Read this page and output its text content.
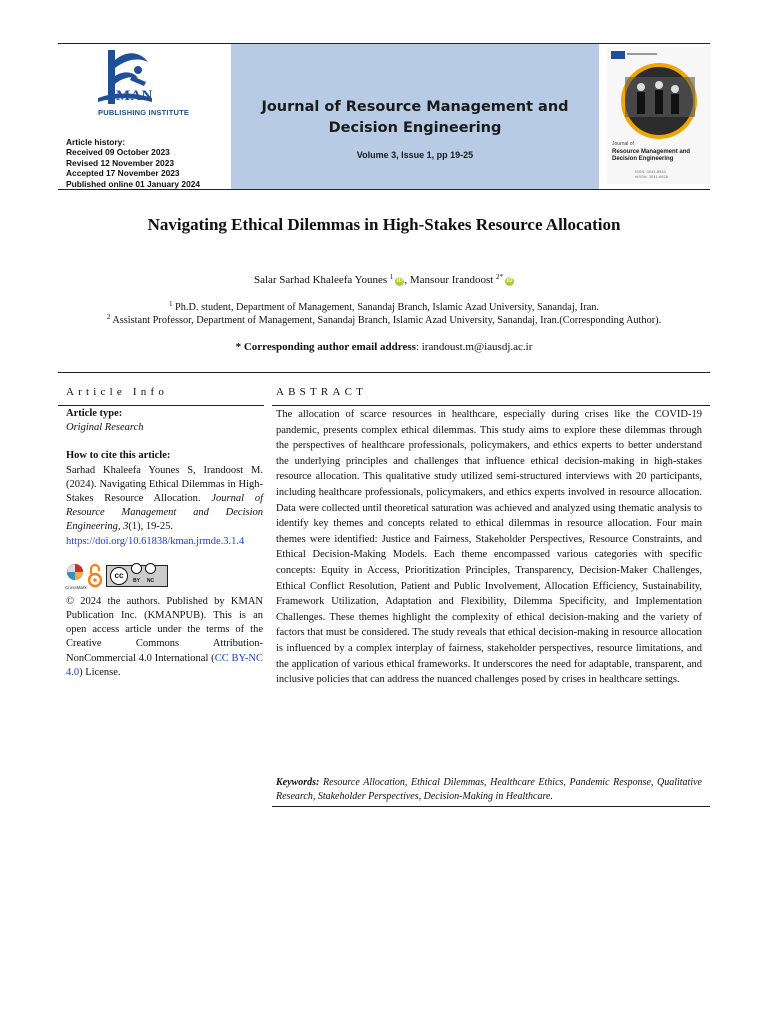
MAN
PUBLISHING INSTITUTE
Article history:
Received 09 October 2023
Revised 12 November 2023
Accepted 17 November 2023
Published online 01 January 2024
Journal of Resource Management and
Decision Engineering
Volume 3, Issue 1, pp 19-25
Journal of
Resource Management and Decision Engineering
ISSN: 3041-8933
eISSN: 3041-8926
Navigating Ethical Dilemmas in High-Stakes Resource Allocation
Salar Sarhad Khaleefa Younes $^1$ iD , Mansour Irandoost $^{2*}$ iD
$^1$ Ph.D. student, Department of Management, Sanandaj Branch, Islamic Azad University, Sanandaj, Iran.
$^2$ Assistant Professor, Department of Management, Sanandaj Branch, Islamic Azad University, Sanandaj, Iran.(Corresponding Author).
* Corresponding author email address: irandoust.m@iausdj.ac.ir
Article Info	ABSTRACT

Article type:

Original Research

How to cite this article:

Sarhad Khaleefa Younes S, Irandoost M. (2024). Navigating Ethical Dilemmas in High-Stakes Resource Allocation. Journal of Resource Management and Decision Engineering, 3(1), 19-25.

https://doi.org/10.61838/kman.jrmde.3.1.4

CrossMark
cc
BY NC

© 2024 the authors. Published by KMAN Publication Inc. (KMANPUB). This is an open access article under the terms of the Creative Commons Attribution-NonCommercial 4.0 International (CC BY-NC 4.0) License.

The allocation of scarce resources in healthcare, especially during crises like the COVID-19 pandemic, presents complex ethical dilemmas. This study aims to explore these dilemmas through the perspectives of healthcare professionals, policymakers, and ethics experts to better understand the underlying principles and challenges that influence ethical decision-making in high-stakes resource allocation. This qualitative study utilized semi-structured interviews with 20 participants, including healthcare professionals, policymakers, and ethics experts involved in resource allocation. Data were collected until theoretical saturation was achieved and analyzed using thematic analysis to identify key themes and concepts related to ethical dilemmas in resource allocation. Four main themes were identified: Justice and Fairness, Stakeholder Perspectives, Resource Constraints, and Ethical Decision-Making Models. Each theme encompassed various categories with specific concepts: Equity in Access, Prioritization Principles, Transparency, Decision-Maker Challenges, Ethical Conflict Resolution, Patient and Public Involvement, Allocation Efficiency, Sustainability, Framework Utilization, Adaptation and Flexibility, Dilemma Specificity, and Implementation Challenges. These themes highlight the complexity of ethical decision-making and the variety of factors that must be considered. The study reveals that ethical decision-making in resource allocation is influenced by a complex interplay of fairness, stakeholder perspectives, resource limitations, and the application of various ethical frameworks. It underscores the need for adaptable, transparent, and inclusive policies that can address the nuanced challenges posed by crises in healthcare settings.

Keywords: Resource Allocation, Ethical Dilemmas, Healthcare Ethics, Pandemic Response, Qualitative Research, Stakeholder Perspectives, Decision-Making in Healthcare.
